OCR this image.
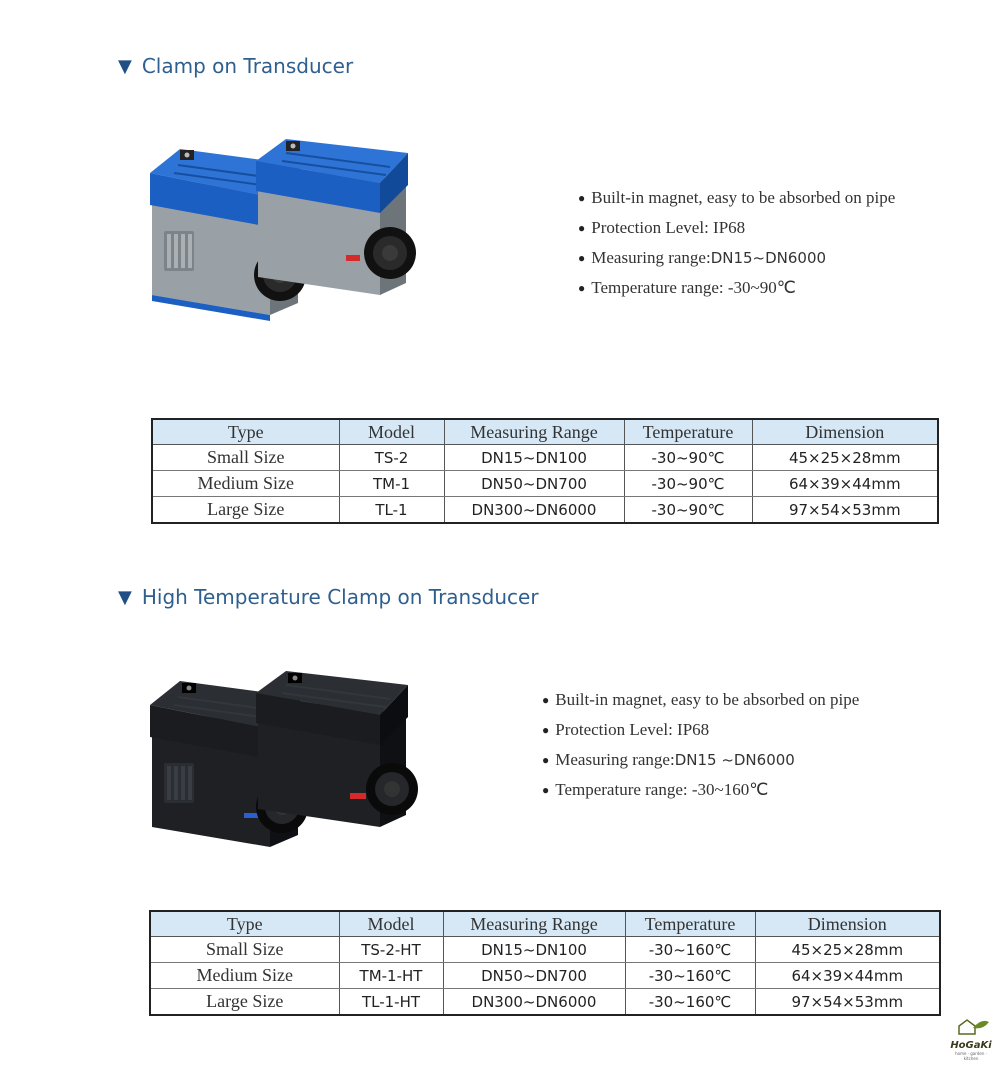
▼ Clamp on Transducer
● Built-in magnet, easy to be absorbed on pipe
● Protection Level: IP68
● Measuring range: DN15~DN6000
● Temperature range: -30~90℃
Type	Model	Measuring Range	Temperature	Dimension
Small Size	TS-2	DN15~DN100	-30~90℃	45×25×28mm
Medium Size	TM-1	DN50~DN700	-30~90℃	64×39×44mm
Large Size	TL-1	DN300~DN6000	-30~90℃	97×54×53mm
▼ High Temperature Clamp on Transducer
● Built-in magnet, easy to be absorbed on pipe
● Protection Level: IP68
● Measuring range: DN15 ~DN6000
● Temperature range: -30~160℃
Type	Model	Measuring Range	Temperature	Dimension
Small Size	TS-2-HT	DN15~DN100	-30~160℃	45×25×28mm
Medium Size	TM-1-HT	DN50~DN700	-30~160℃	64×39×44mm
Large Size	TL-1-HT	DN300~DN6000	-30~160℃	97×54×53mm
HoGaKi
home · garden · kitchen
